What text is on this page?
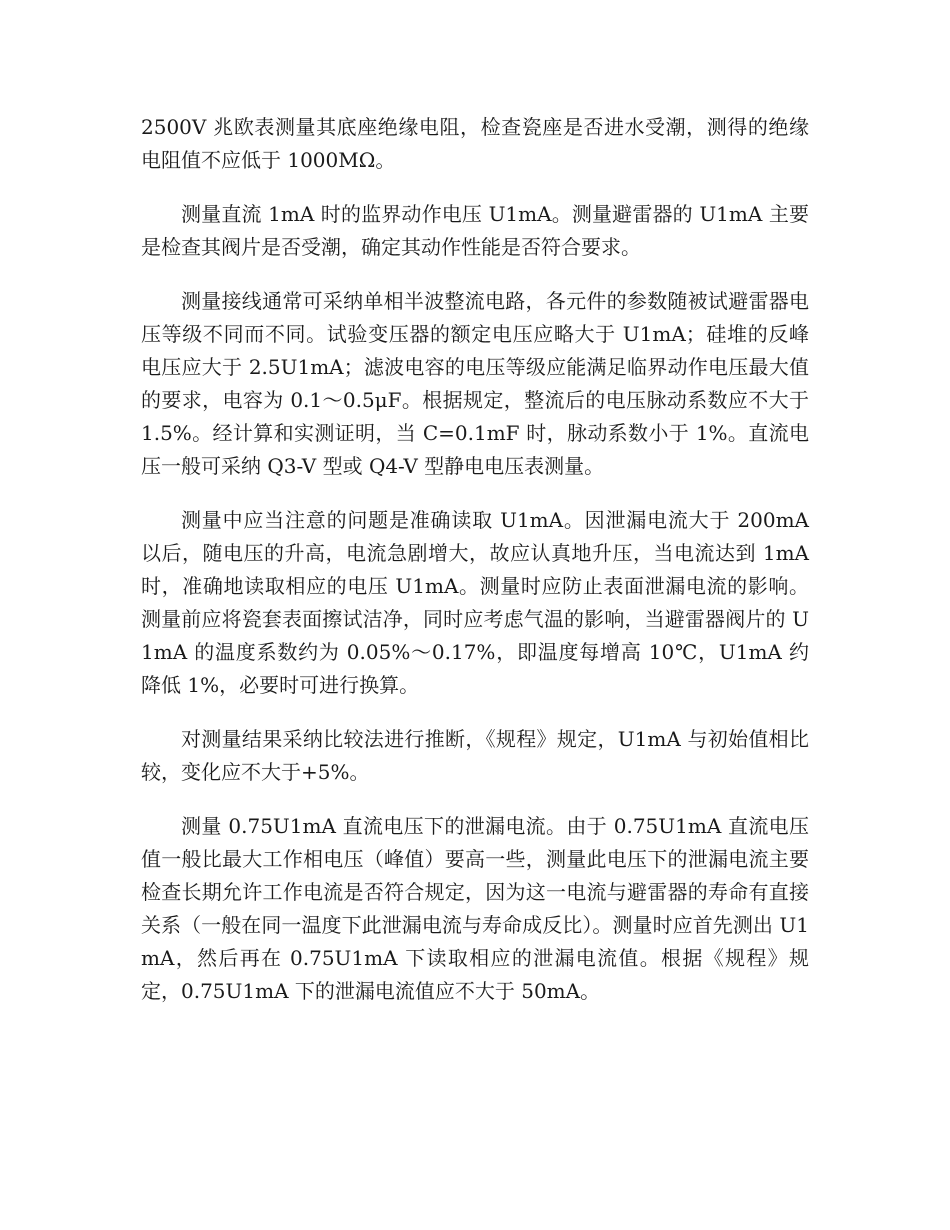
2500V 兆欧表测量其底座绝缘电阻，检查瓷座是否进水受潮，测得的绝缘电阻值不应低于 1000MΩ。

测量直流 1mA 时的监界动作电压 U1mA。测量避雷器的 U1mA 主要是检查其阀片是否受潮，确定其动作性能是否符合要求。

测量接线通常可采纳单相半波整流电路，各元件的参数随被试避雷器电压等级不同而不同。试验变压器的额定电压应略大于 U1mA；硅堆的反峰电压应大于 2.5U1mA；滤波电容的电压等级应能满足临界动作电压最大值的要求，电容为 0.1～0.5μF。根据规定，整流后的电压脉动系数应不大于 1.5%。经计算和实测证明，当 C=0.1mF 时，脉动系数小于 1%。直流电压一般可采纳 Q3-V 型或 Q4-V 型静电电压表测量。

测量中应当注意的问题是准确读取 U1mA。因泄漏电流大于 200mA 以后，随电压的升高，电流急剧增大，故应认真地升压，当电流达到 1mA 时，准确地读取相应的电压 U1mA。测量时应防止表面泄漏电流的影响。测量前应将瓷套表面擦试洁净，同时应考虑气温的影响，当避雷器阀片的 U1mA 的温度系数约为 0.05%～0.17%，即温度每增高 10℃，U1mA 约降低 1%，必要时可进行换算。

对测量结果采纳比较法进行推断，《规程》规定，U1mA 与初始值相比较，变化应不大于+5%。

测量 0.75U1mA 直流电压下的泄漏电流。由于 0.75U1mA 直流电压值一般比最大工作相电压（峰值）要高一些，测量此电压下的泄漏电流主要检查长期允许工作电流是否符合规定，因为这一电流与避雷器的寿命有直接关系（一般在同一温度下此泄漏电流与寿命成反比）。测量时应首先测出 U1mA，然后再在 0.75U1mA 下读取相应的泄漏电流值。根据《规程》规定，0.75U1mA 下的泄漏电流值应不大于 50mA。
